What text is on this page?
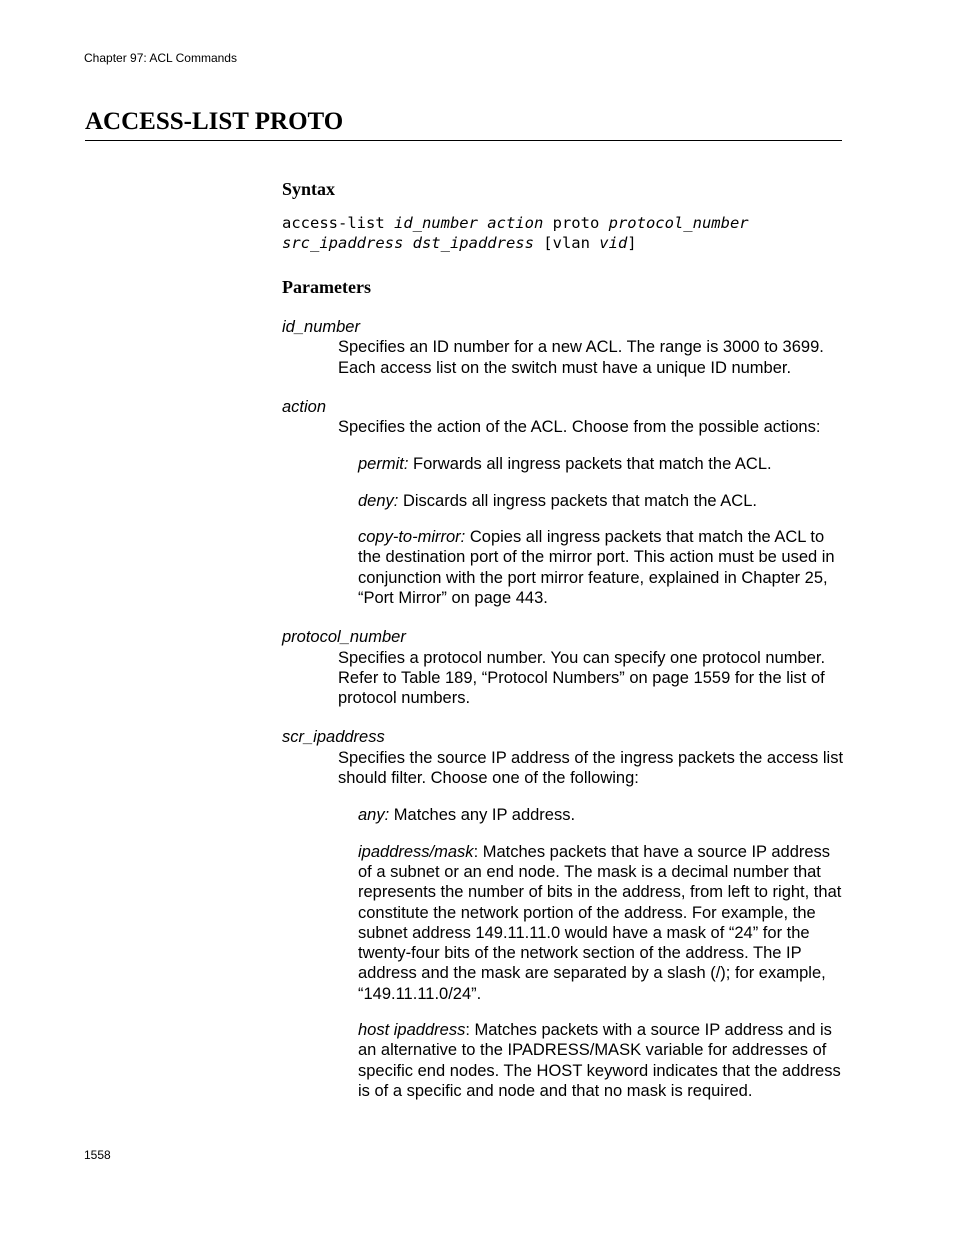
Chapter 97: ACL Commands
ACCESS-LIST PROTO
Syntax
access-list id_number action proto protocol_number
src_ipaddress dst_ipaddress [vlan vid]
Parameters
id_number
Specifies an ID number for a new ACL. The range is 3000 to 3699. Each access list on the switch must have a unique ID number.
action
Specifies the action of the ACL. Choose from the possible actions:
permit: Forwards all ingress packets that match the ACL.
deny: Discards all ingress packets that match the ACL.
copy-to-mirror: Copies all ingress packets that match the ACL to the destination port of the mirror port. This action must be used in conjunction with the port mirror feature, explained in Chapter 25, “Port Mirror” on page 443.
protocol_number
Specifies a protocol number. You can specify one protocol number. Refer to Table 189, “Protocol Numbers” on page 1559 for the list of protocol numbers.
scr_ipaddress
Specifies the source IP address of the ingress packets the access list should filter. Choose one of the following:
any: Matches any IP address.
ipaddress/mask: Matches packets that have a source IP address of a subnet or an end node. The mask is a decimal number that represents the number of bits in the address, from left to right, that constitute the network portion of the address. For example, the subnet address 149.11.11.0 would have a mask of “24” for the twenty-four bits of the network section of the address. The IP address and the mask are separated by a slash (/); for example, “149.11.11.0/24”.
host ipaddress: Matches packets with a source IP address and is an alternative to the IPADRESS/MASK variable for addresses of specific end nodes. The HOST keyword indicates that the address is of a specific and node and that no mask is required.
1558
